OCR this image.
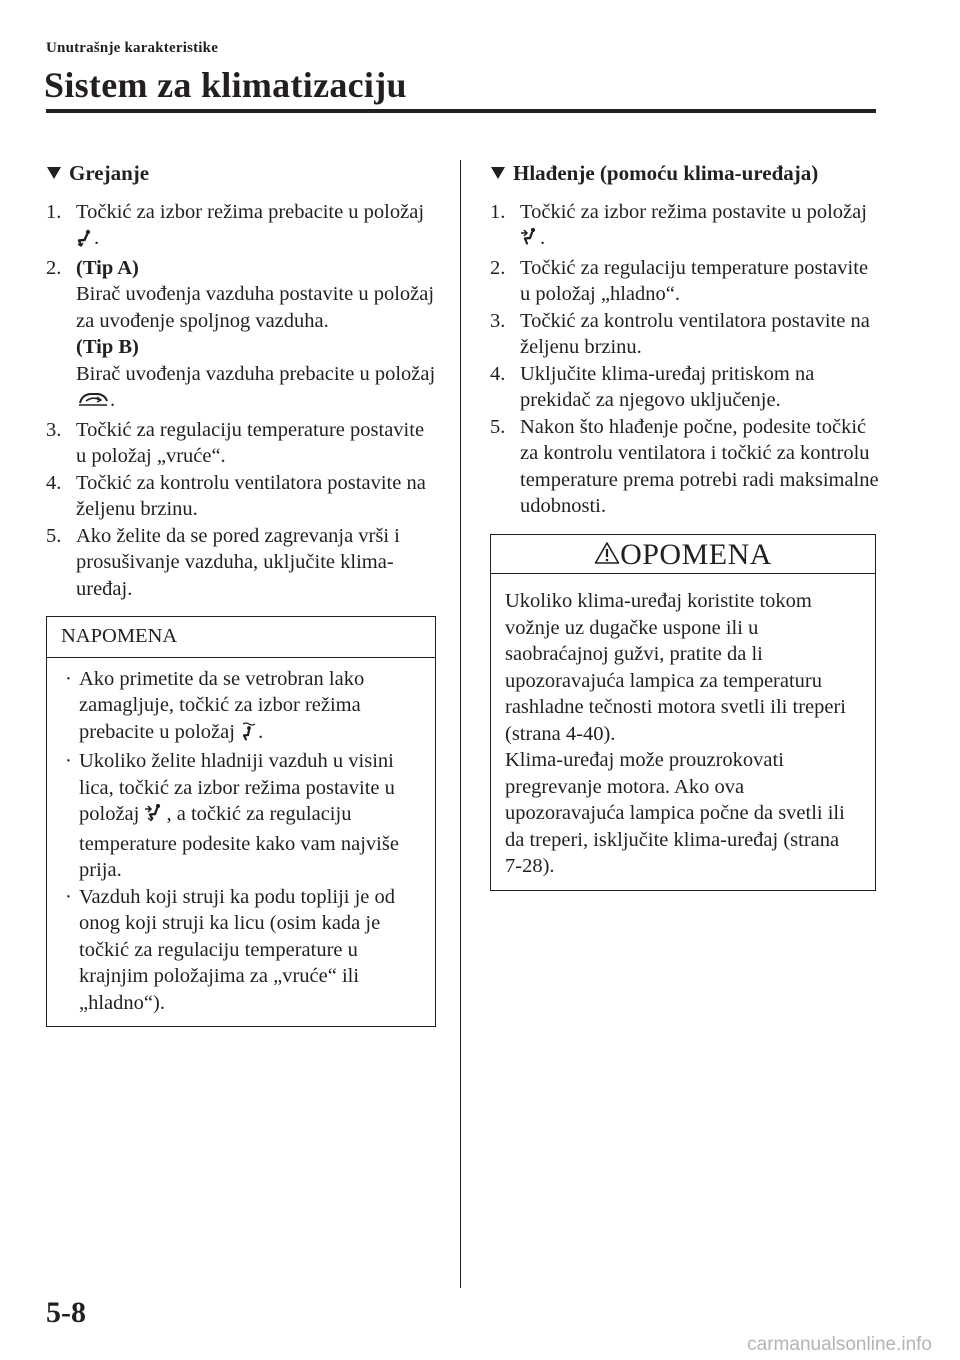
Unutrašnje karakteristike
Sistem za klimatizaciju
Grejanje
1. Točkić za izbor režima prebacite u položaj .
2. (Tip A)
Birač uvođenja vazduha postavite u položaj za uvođenje spoljnog vazduha.
(Tip B)
Birač uvođenja vazduha prebacite u položaj .
3. Točkić za regulaciju temperature postavite u položaj „vruće“.
4. Točkić za kontrolu ventilatora postavite na željenu brzinu.
5. Ako želite da se pored zagrevanja vrši i prosušivanje vazduha, uključite klima-uređaj.
NAPOMENA
· Ako primetite da se vetrobran lako zamagljuje, točkić za izbor režima prebacite u položaj .
· Ukoliko želite hladniji vazduh u visini lica, točkić za izbor režima postavite u položaj , a točkić za regulaciju temperature podesite kako vam najviše prija.
· Vazduh koji struji ka podu topliji je od onog koji struji ka licu (osim kada je točkić za regulaciju temperature u krajnjim položajima za „vruće“ ili „hladno“).
Hlađenje (pomoću klima-uređaja)
1. Točkić za izbor režima postavite u položaj .
2. Točkić za regulaciju temperature postavite u položaj „hladno“.
3. Točkić za kontrolu ventilatora postavite na željenu brzinu.
4. Uključite klima-uređaj pritiskom na prekidač za njegovo uključenje.
5. Nakon što hlađenje počne, podesite točkić za kontrolu ventilatora i točkić za kontrolu temperature prema potrebi radi maksimalne udobnosti.
OPOMENA
Ukoliko klima-uređaj koristite tokom vožnje uz dugačke uspone ili u saobraćajnoj gužvi, pratite da li upozoravajuća lampica za temperaturu rashladne tečnosti motora svetli ili treperi (strana 4-40).
Klima-uređaj može prouzrokovati pregrevanje motora. Ako ova upozoravajuća lampica počne da svetli ili da treperi, isključite klima-uređaj (strana 7-28).
5-8
carmanualsonline.info
